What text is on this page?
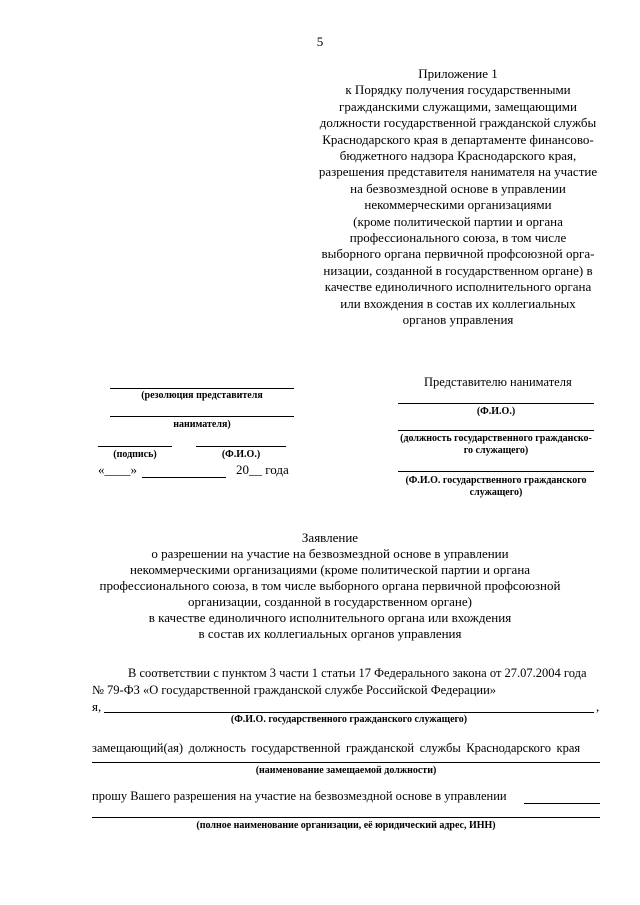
5
Приложение 1
к Порядку получения государственными
гражданскими служащими, замещающими
должности государственной гражданской службы
Краснодарского края в департаменте финансово-
бюджетного надзора Краснодарского края,
разрешения представителя нанимателя на участие
на безвозмездной основе в управлении
некоммерческими организациями
(кроме политической партии и органа
профессионального союза, в том числе
выборного органа первичной профсоюзной орга-
низации, созданной в государственном органе) в
качестве единоличного исполнительного органа
или вхождения в состав их коллегиальных
органов управления
(резолюция представителя
нанимателя)
(подпись)	(Ф.И.О.)
«____»	20__ года
Представителю нанимателя
(Ф.И.О.)
(должность государственного гражданско-
го служащего)
(Ф.И.О. государственного гражданского
служащего)
Заявление
о разрешении на участие на безвозмездной основе в управлении
некоммерческими организациями (кроме политической партии и органа
профессионального союза, в том числе выборного органа первичной профсоюзной
организации, созданной в государственном органе)
в качестве единоличного исполнительного органа или вхождения
в состав их коллегиальных органов управления
В соответствии с пунктом 3 части 1 статьи 17 Федерального закона от 27.07.2004 года
№ 79-ФЗ «О государственной гражданской службе Российской Федерации»
я,	,
(Ф.И.О. государственного гражданского служащего)
замещающий(ая) должность государственной гражданской службы Краснодарского края
(наименование замещаемой должности)
прошу Вашего разрешения на участие на безвозмездной основе в управлении
(полное наименование организации, её юридический адрес, ИНН)
